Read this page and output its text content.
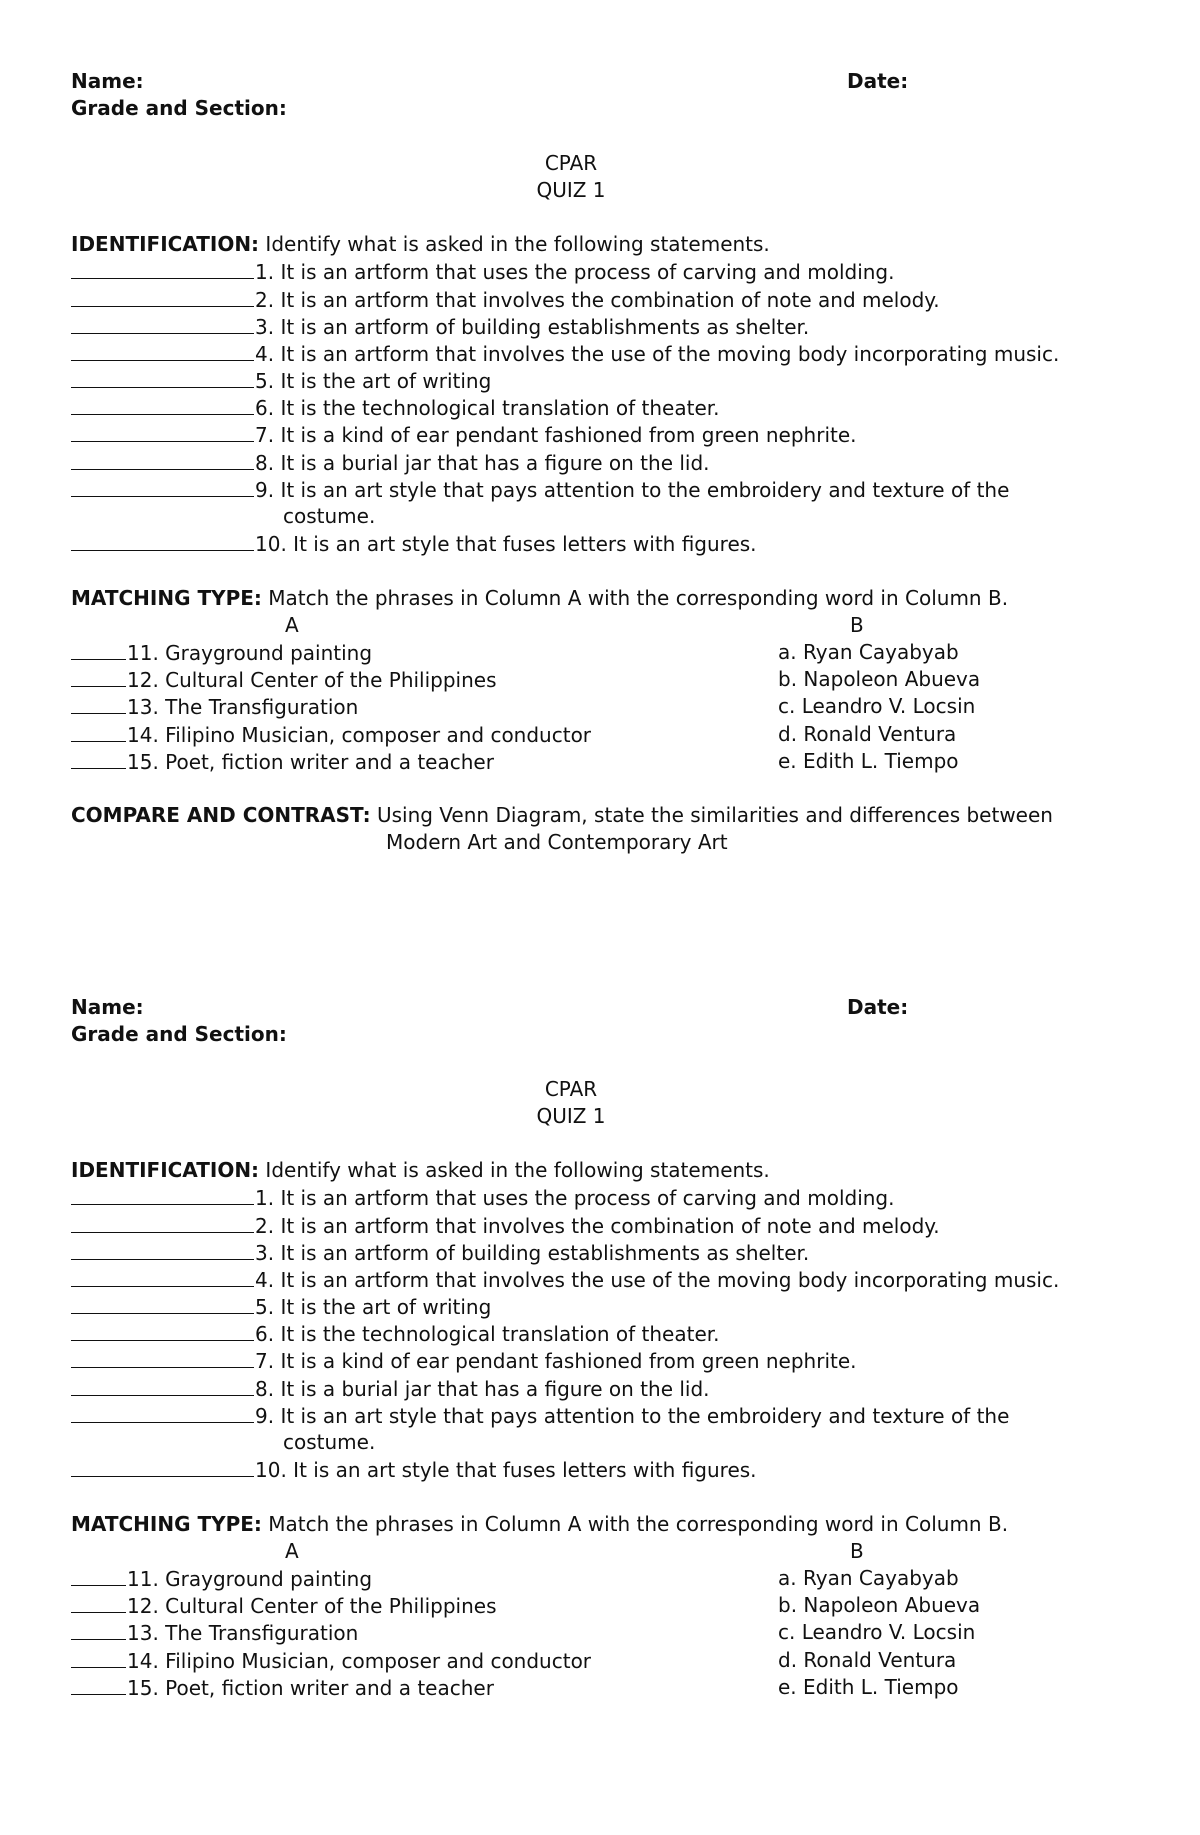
Name:	Date:
Grade and Section:
CPAR
QUIZ 1
IDENTIFICATION: Identify what is asked in the following statements.
1. It is an artform that uses the process of carving and molding.
2. It is an artform that involves the combination of note and melody.
3. It is an artform of building establishments as shelter.
4. It is an artform that involves the use of the moving body incorporating music.
5. It is the art of writing
6. It is the technological translation of theater.
7. It is a kind of ear pendant fashioned from green nephrite.
8. It is a burial jar that has a figure on the lid.
9. It is an art style that pays attention to the embroidery and texture of the
costume.
10. It is an art style that fuses letters with figures.
MATCHING TYPE: Match the phrases in Column A with the corresponding word in Column B.
A	B
11. Grayground painting	a. Ryan Cayabyab
12. Cultural Center of the Philippines	b. Napoleon Abueva
13. The Transfiguration	c. Leandro V. Locsin
14. Filipino Musician, composer and conductor	d. Ronald Ventura
15. Poet, fiction writer and a teacher	e. Edith L. Tiempo
COMPARE AND CONTRAST: Using Venn Diagram, state the similarities and differences between
Modern Art and Contemporary Art
Name:	Date:
Grade and Section:
CPAR
QUIZ 1
IDENTIFICATION: Identify what is asked in the following statements.
1. It is an artform that uses the process of carving and molding.
2. It is an artform that involves the combination of note and melody.
3. It is an artform of building establishments as shelter.
4. It is an artform that involves the use of the moving body incorporating music.
5. It is the art of writing
6. It is the technological translation of theater.
7. It is a kind of ear pendant fashioned from green nephrite.
8. It is a burial jar that has a figure on the lid.
9. It is an art style that pays attention to the embroidery and texture of the
costume.
10. It is an art style that fuses letters with figures.
MATCHING TYPE: Match the phrases in Column A with the corresponding word in Column B.
A	B
11. Grayground painting	a. Ryan Cayabyab
12. Cultural Center of the Philippines	b. Napoleon Abueva
13. The Transfiguration	c. Leandro V. Locsin
14. Filipino Musician, composer and conductor	d. Ronald Ventura
15. Poet, fiction writer and a teacher	e. Edith L. Tiempo
